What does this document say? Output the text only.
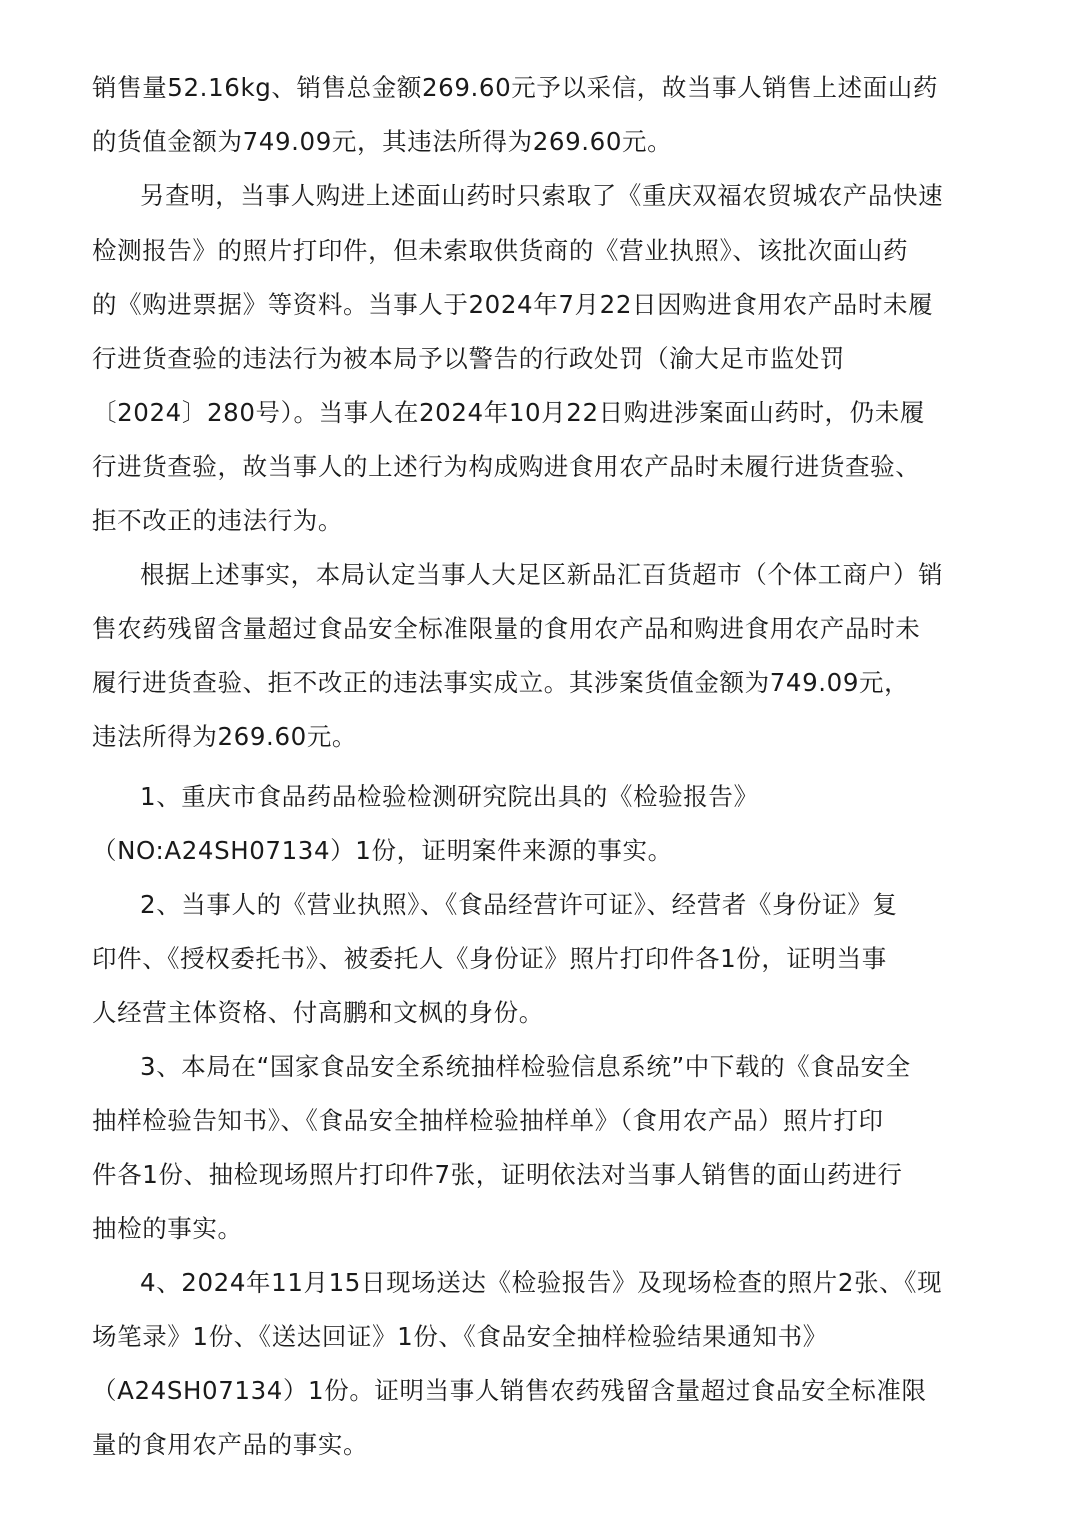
销售量52.16kg、销售总金额269.60元予以采信，故当事人销售上述面山药
的货值金额为749.09元，其违法所得为269.60元。
另查明，当事人购进上述面山药时只索取了《重庆双福农贸城农产品快速
检测报告》的照片打印件，但未索取供货商的《营业执照》、该批次面山药
的《购进票据》等资料。当事人于2024年7月22日因购进食用农产品时未履
行进货查验的违法行为被本局予以警告的行政处罚（渝大足市监处罚
〔2024〕280号）。当事人在2024年10月22日购进涉案面山药时，仍未履
行进货查验，故当事人的上述行为构成购进食用农产品时未履行进货查验、
拒不改正的违法行为。
根据上述事实，本局认定当事人大足区新品汇百货超市（个体工商户）销
售农药残留含量超过食品安全标准限量的食用农产品和购进食用农产品时未
履行进货查验、拒不改正的违法事实成立。其涉案货值金额为749.09元，
违法所得为269.60元。
1、重庆市食品药品检验检测研究院出具的《检验报告》
（NO:A24SH07134）1份，证明案件来源的事实。
2、当事人的《营业执照》、《食品经营许可证》、经营者《身份证》复
印件、《授权委托书》、被委托人《身份证》照片打印件各1份，证明当事
人经营主体资格、付高鹏和文枫的身份。
3、本局在“国家食品安全系统抽样检验信息系统”中下载的《食品安全
抽样检验告知书》、《食品安全抽样检验抽样单》（食用农产品）照片打印
件各1份、抽检现场照片打印件7张，证明依法对当事人销售的面山药进行
抽检的事实。
4、2024年11月15日现场送达《检验报告》及现场检查的照片2张、《现
场笔录》1份、《送达回证》1份、《食品安全抽样检验结果通知书》
（A24SH07134）1份。证明当事人销售农药残留含量超过食品安全标准限
量的食用农产品的事实。
